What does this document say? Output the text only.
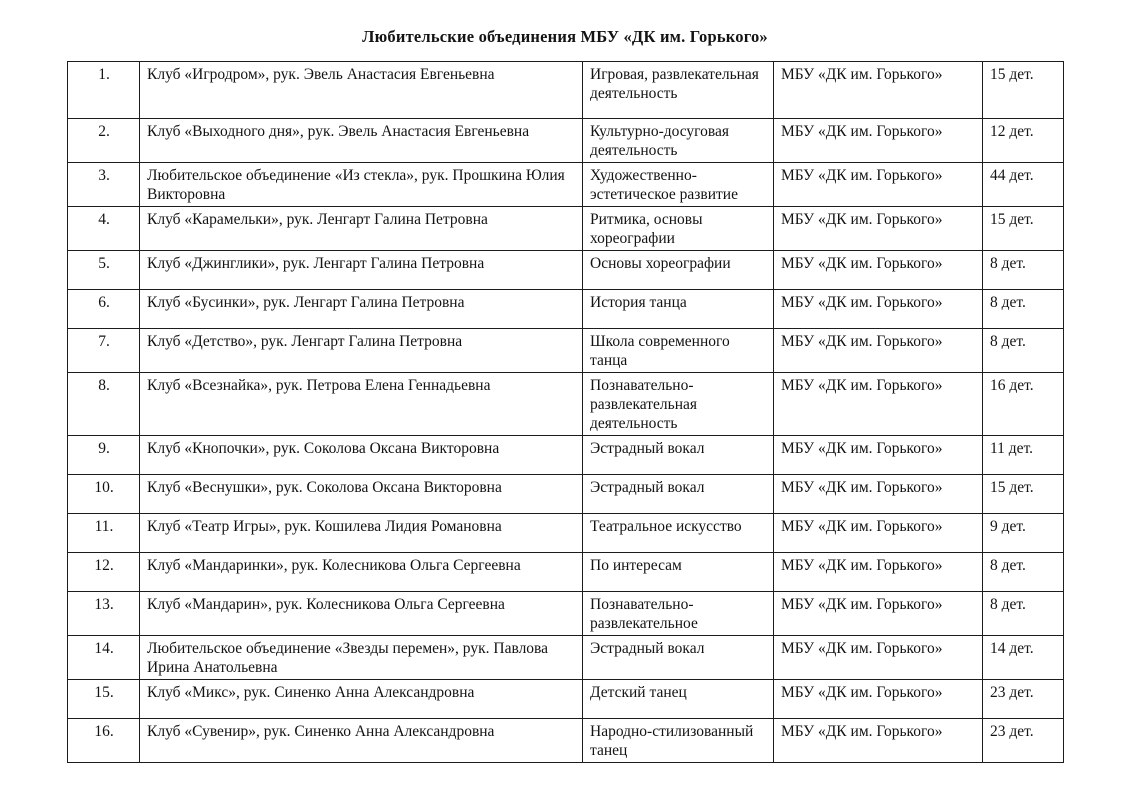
Любительские объединения МБУ «ДК им. Горького»
1.	Клуб «Игродром», рук. Эвель Анастасия Евгеньевна	Игровая, развлекательная деятельность	МБУ «ДК им. Горького»	15 дет.
2.	Клуб «Выходного дня», рук. Эвель Анастасия Евгеньевна	Культурно-досуговая деятельность	МБУ «ДК им. Горького»	12 дет.
3.	Любительское объединение «Из стекла», рук. Прошкина Юлия Викторовна	Художественно-эстетическое развитие	МБУ «ДК им. Горького»	44 дет.
4.	Клуб «Карамельки», рук. Ленгарт Галина Петровна	Ритмика, основы хореографии	МБУ «ДК им. Горького»	15 дет.
5.	Клуб «Джинглики», рук. Ленгарт Галина Петровна	Основы хореографии	МБУ «ДК им. Горького»	8 дет.
6.	Клуб «Бусинки», рук. Ленгарт Галина Петровна	История танца	МБУ «ДК им. Горького»	8 дет.
7.	Клуб «Детство», рук. Ленгарт Галина Петровна	Школа современного танца	МБУ «ДК им. Горького»	8 дет.
8.	Клуб «Всезнайка», рук. Петрова Елена Геннадьевна	Познавательно-развлекательная деятельность	МБУ «ДК им. Горького»	16 дет.
9.	Клуб «Кнопочки», рук. Соколова Оксана Викторовна	Эстрадный вокал	МБУ «ДК им. Горького»	11 дет.
10.	Клуб «Веснушки», рук. Соколова Оксана Викторовна	Эстрадный вокал	МБУ «ДК им. Горького»	15 дет.
11.	Клуб «Театр Игры», рук. Кошилева Лидия Романовна	Театральное искусство	МБУ «ДК им. Горького»	9 дет.
12.	Клуб «Мандаринки», рук. Колесникова Ольга Сергеевна	По интересам	МБУ «ДК им. Горького»	8 дет.
13.	Клуб «Мандарин», рук. Колесникова Ольга Сергеевна	Познавательно-развлекательное	МБУ «ДК им. Горького»	8 дет.
14.	Любительское объединение «Звезды перемен», рук. Павлова Ирина Анатольевна	Эстрадный вокал	МБУ «ДК им. Горького»	14 дет.
15.	Клуб «Микс», рук. Синенко Анна Александровна	Детский танец	МБУ «ДК им. Горького»	23 дет.
16.	Клуб «Сувенир», рук. Синенко Анна Александровна	Народно-стилизованный танец	МБУ «ДК им. Горького»	23 дет.
